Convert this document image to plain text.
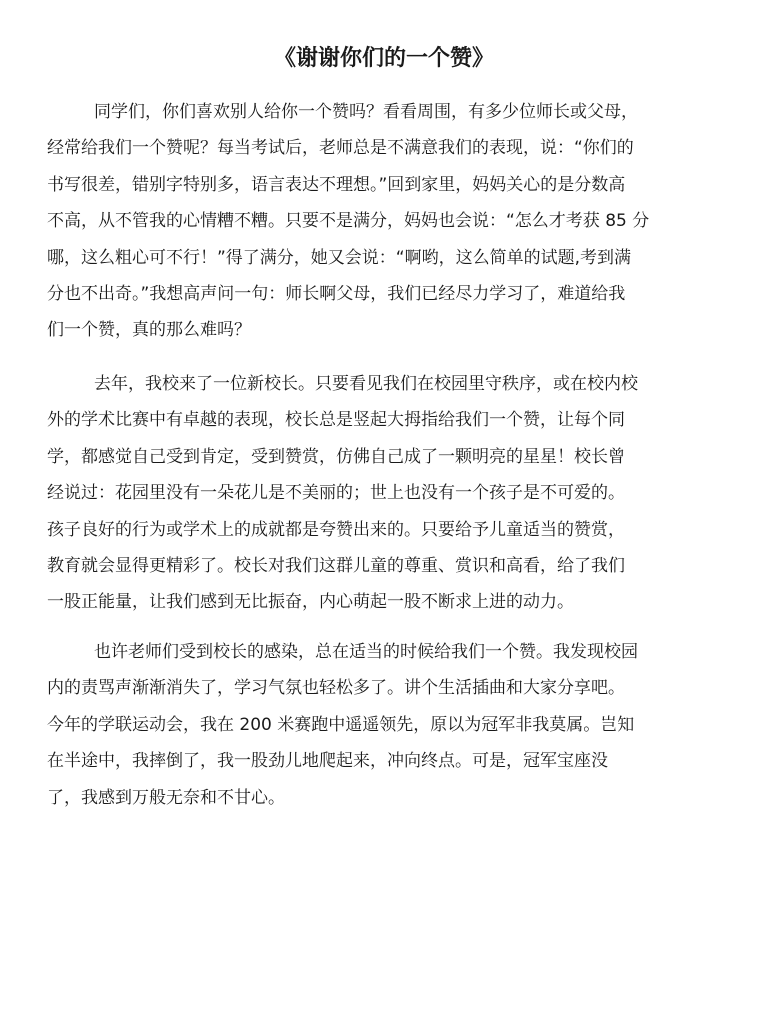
《谢谢你们的一个赞》
同学们，你们喜欢别人给你一个赞吗？看看周围，有多少位师长或父母，
经常给我们一个赞呢？每当考试后，老师总是不满意我们的表现，说：“你们的
书写很差，错别字特别多，语言表达不理想。”回到家里，妈妈关心的是分数高
不高，从不管我的心情糟不糟。只要不是满分，妈妈也会说：“怎么才考获 85 分
哪，这么粗心可不行！”得了满分，她又会说：“啊哟，这么简单的试题,考到满
分也不出奇。”我想高声问一句：师长啊父母，我们已经尽力学习了，难道给我
们一个赞，真的那么难吗？
去年，我校来了一位新校长。只要看见我们在校园里守秩序，或在校内校
外的学术比赛中有卓越的表现，校长总是竖起大拇指给我们一个赞，让每个同
学，都感觉自己受到肯定，受到赞赏，仿佛自己成了一颗明亮的星星！校长曾
经说过：花园里没有一朵花儿是不美丽的；世上也没有一个孩子是不可爱的。
孩子良好的行为或学术上的成就都是夸赞出来的。只要给予儿童适当的赞赏，
教育就会显得更精彩了。校长对我们这群儿童的尊重、赏识和高看，给了我们
一股正能量，让我们感到无比振奋，内心萌起一股不断求上进的动力。
也许老师们受到校长的感染，总在适当的时候给我们一个赞。我发现校园
内的责骂声渐渐消失了，学习气氛也轻松多了。讲个生活插曲和大家分享吧。
今年的学联运动会，我在 200 米赛跑中遥遥领先，原以为冠军非我莫属。岂知
在半途中，我摔倒了，我一股劲儿地爬起来，冲向终点。可是，冠军宝座没
了，我感到万般无奈和不甘心。
